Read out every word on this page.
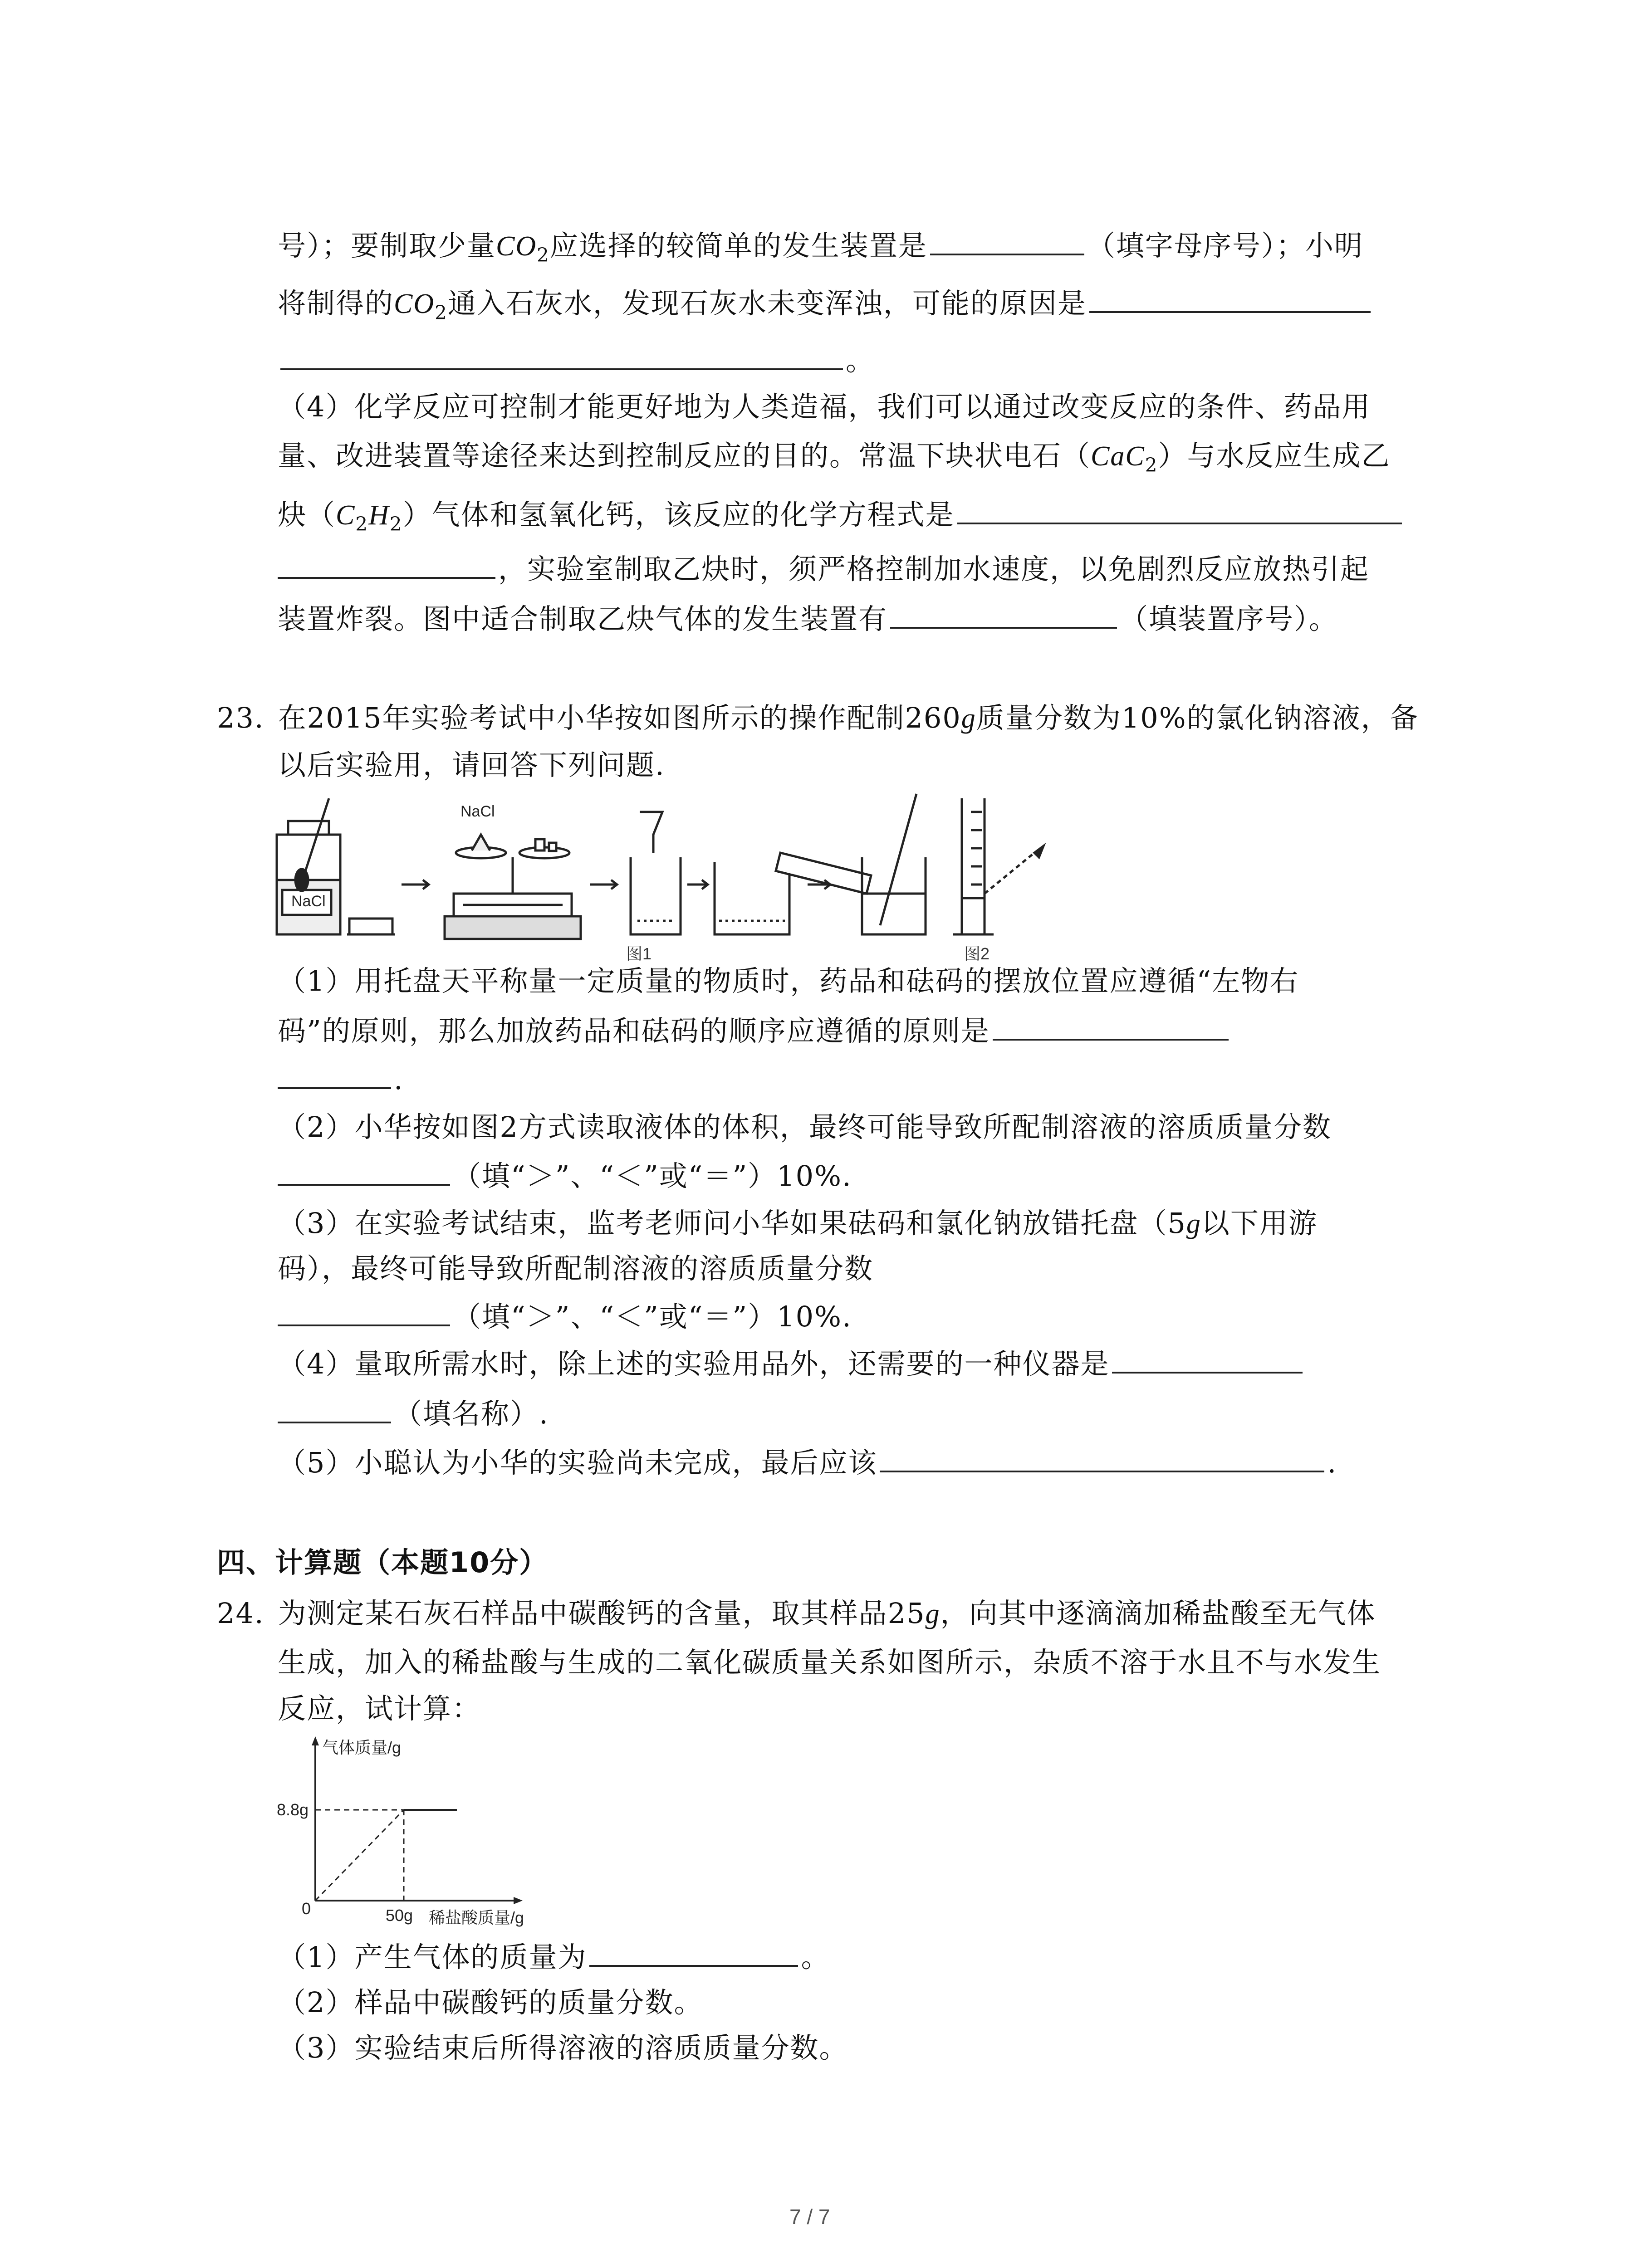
号）；要制取少量$CO_2$应选择的较简单的发生装置是	（填字母序号）；小明
将制得的$CO_2$通入石灰水，发现石灰水未变浑浊，可能的原因是
。
（4）化学反应可控制才能更好地为人类造福，我们可以通过改变反应的条件、药品用
量、改进装置等途径来达到控制反应的目的。常温下块状电石（CaC$_2$）与水反应生成乙
炔$(C_2H_2)$气体和氢氧化钙，该反应的化学方程式是
，实验室制取乙炔时，须严格控制加水速度，以免剧烈反应放热引起
装置炸裂。图中适合制取乙炔气体的发生装置有	（填装置序号）。
23. 在2015年实验考试中小华按如图所示的操作配制260g质量分数为10%的氯化钠溶液，备
以后实验用，请回答下列问题.
NaCl
NaCl
图1	图2
（1）用托盘天平称量一定质量的物质时，药品和砝码的摆放位置应遵循“左物右
码”的原则，那么加放药品和砝码的顺序应遵循的原则是
.
（2）小华按如图2方式读取液体的体积，最终可能导致所配制溶液的溶质质量分数
（填“＞”、“＜”或“＝”）10%.
（3）在实验考试结束，监考老师问小华如果砝码和氯化钠放错托盘（5g以下用游
码），最终可能导致所配制溶液的溶质质量分数
（填“＞”、“＜”或“＝”）10%.
（4）量取所需水时，除上述的实验用品外，还需要的一种仪器是
（填名称）.
（5）小聪认为小华的实验尚未完成，最后应该	.
四、计算题（本题10分）
24. 为测定某石灰石样品中碳酸钙的含量，取其样品25g，向其中逐滴滴加稀盐酸至无气体
生成，加入的稀盐酸与生成的二氧化碳质量关系如图所示，杂质不溶于水且不与水发生
反应，试计算：
气体质量/g
稀盐酸质量/g
0
8.8g
50g
（1）产生气体的质量为	。
（2）样品中碳酸钙的质量分数。
（3）实验结束后所得溶液的溶质质量分数。
7 / 7
